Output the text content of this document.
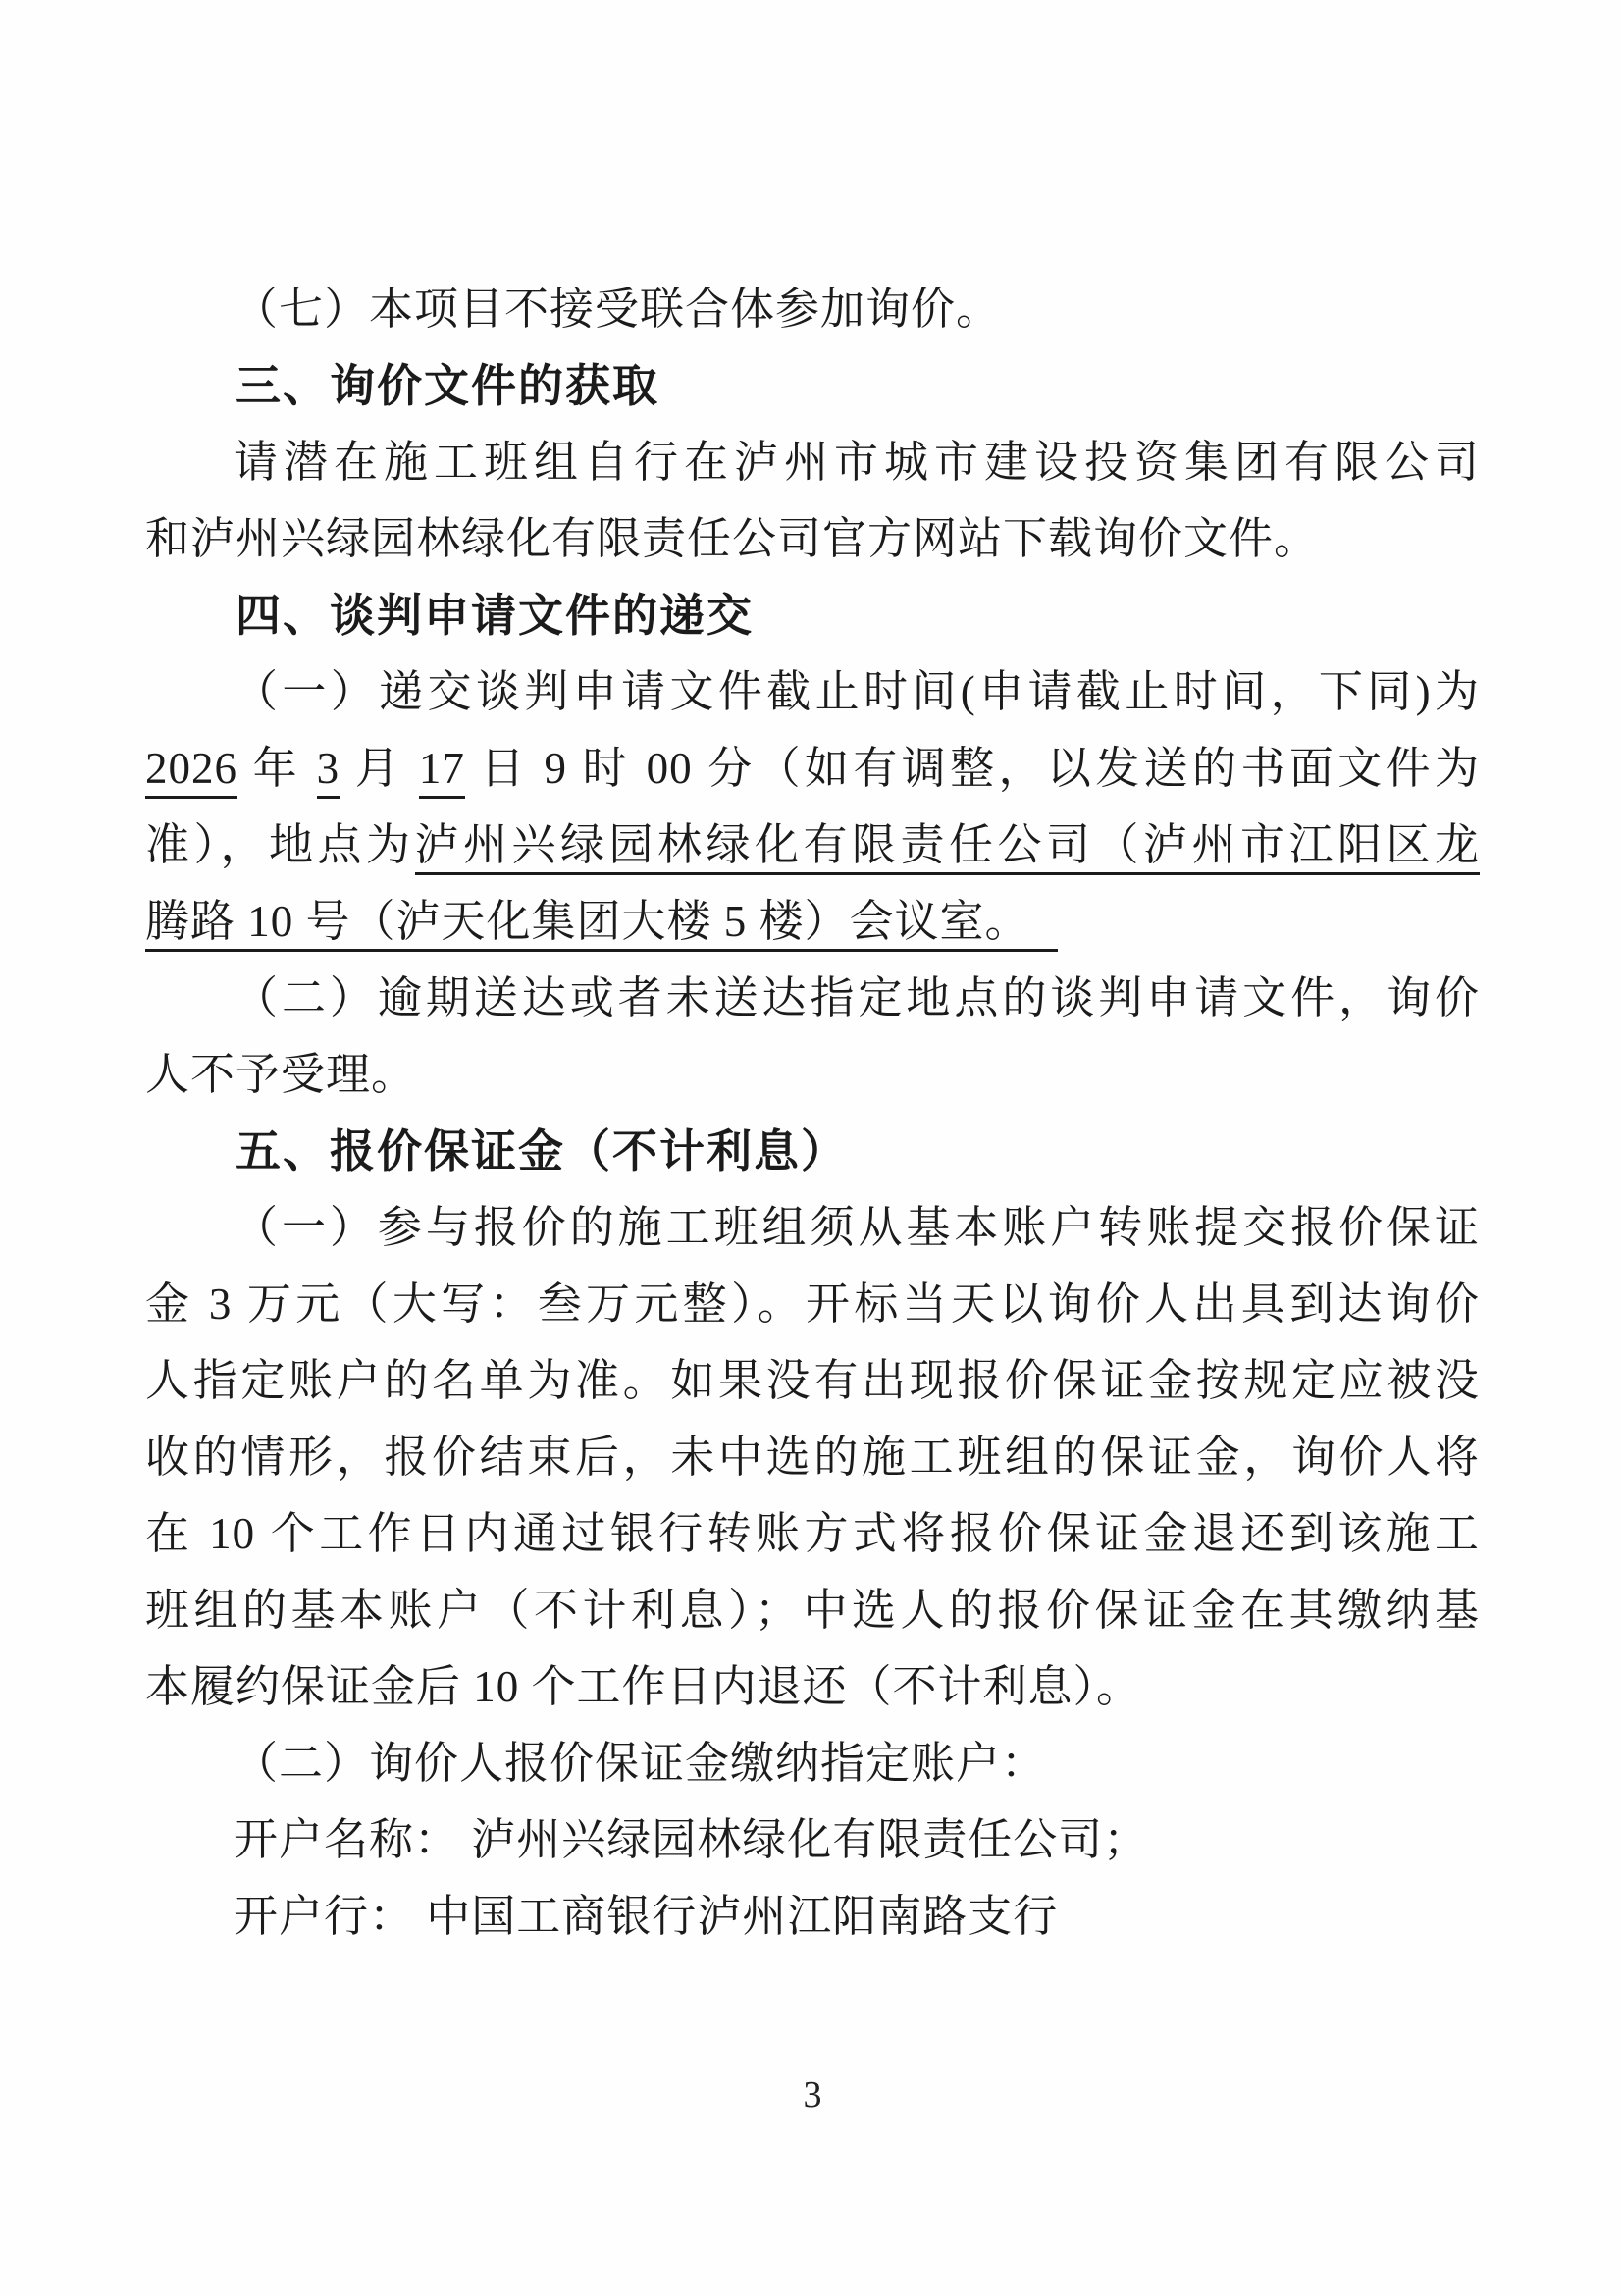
（七）本项目不接受联合体参加询价。
三、询价文件的获取
请潜在施工班组自行在泸州市城市建设投资集团有限公司
和泸州兴绿园林绿化有限责任公司官方网站下载询价文件。
四、谈判申请文件的递交
（一）递交谈判申请文件截止时间(申请截止时间，下同)为
2026 年 3 月 17 日 9 时 00 分（如有调整，以发送的书面文件为
准），地点为泸州兴绿园林绿化有限责任公司（泸州市江阳区龙
腾路 10 号（泸天化集团大楼 5 楼）会议室。
（二）逾期送达或者未送达指定地点的谈判申请文件，询价
人不予受理。
五、报价保证金（不计利息）
（一）参与报价的施工班组须从基本账户转账提交报价保证
金 3 万元（大写：叁万元整）。开标当天以询价人出具到达询价
人指定账户的名单为准。如果没有出现报价保证金按规定应被没
收的情形，报价结束后，未中选的施工班组的保证金，询价人将
在 10 个工作日内通过银行转账方式将报价保证金退还到该施工
班组的基本账户（不计利息）；中选人的报价保证金在其缴纳基
本履约保证金后 10 个工作日内退还（不计利息）。
（二）询价人报价保证金缴纳指定账户：
开户名称： 泸州兴绿园林绿化有限责任公司；
开户行： 中国工商银行泸州江阳南路支行
3
